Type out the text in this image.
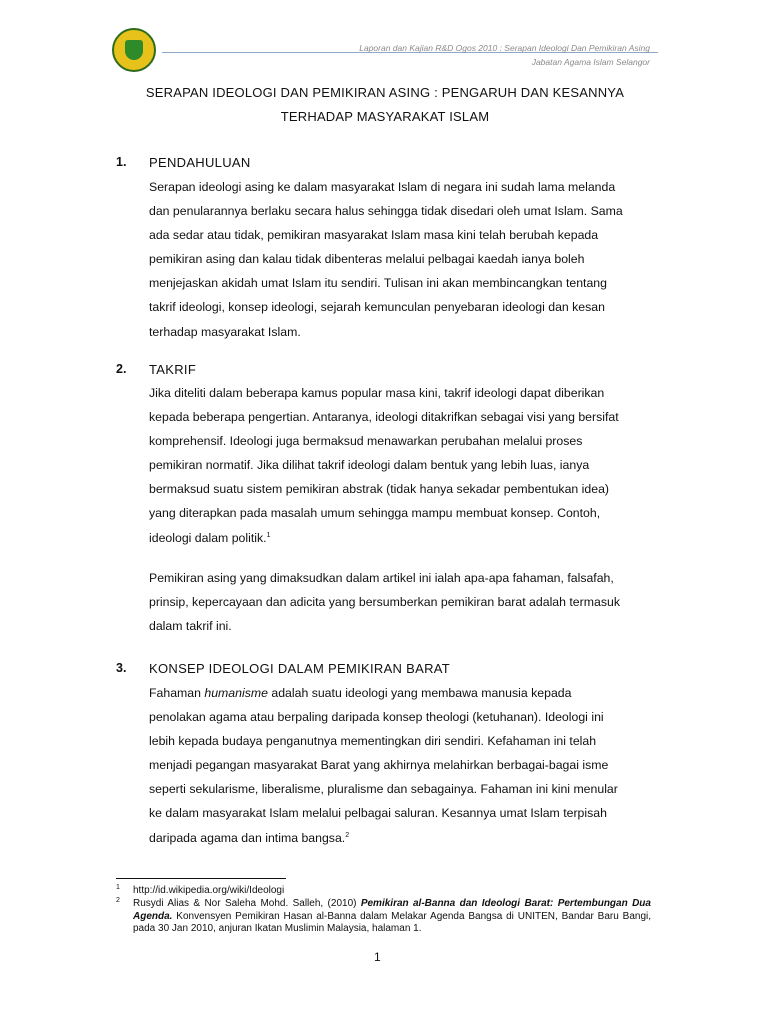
Laporan dan Kajian R&D Ogos 2010 : Serapan Ideologi Dan Pemikiran Asing
Jabatan Agama Islam Selangor
SERAPAN IDEOLOGI DAN PEMIKIRAN ASING : PENGARUH DAN KESANNYA
TERHADAP MASYARAKAT ISLAM
1. PENDAHULUAN
Serapan ideologi asing ke dalam masyarakat Islam di negara ini sudah lama melanda
dan penularannya berlaku secara halus sehingga tidak disedari oleh umat Islam. Sama
ada sedar atau tidak, pemikiran masyarakat Islam masa kini telah berubah kepada
pemikiran asing dan kalau tidak dibenteras melalui pelbagai kaedah ianya boleh
menjejaskan akidah umat Islam itu sendiri. Tulisan ini akan membincangkan tentang
takrif ideologi, konsep ideologi, sejarah kemunculan penyebaran ideologi dan kesan
terhadap masyarakat Islam.
2. TAKRIF
Jika diteliti dalam beberapa kamus popular masa kini, takrif ideologi dapat diberikan
kepada beberapa pengertian. Antaranya, ideologi ditakrifkan sebagai visi yang bersifat
komprehensif. Ideologi juga bermaksud menawarkan perubahan melalui proses
pemikiran normatif. Jika dilihat takrif ideologi dalam bentuk yang lebih luas, ianya
bermaksud suatu sistem pemikiran abstrak (tidak hanya sekadar pembentukan idea)
yang diterapkan pada masalah umum sehingga mampu membuat konsep. Contoh,
ideologi dalam politik.$^1$
Pemikiran asing yang dimaksudkan dalam artikel ini ialah apa-apa fahaman, falsafah,
prinsip, kepercayaan dan adicita yang bersumberkan pemikiran barat adalah termasuk
dalam takrif ini.
3. KONSEP IDEOLOGI DALAM PEMIKIRAN BARAT
Fahaman humanisme adalah suatu ideologi yang membawa manusia kepada
penolakan agama atau berpaling daripada konsep theologi (ketuhanan). Ideologi ini
lebih kepada budaya penganutnya mementingkan diri sendiri. Kefahaman ini telah
menjadi pegangan masyarakat Barat yang akhirnya melahirkan berbagai-bagai isme
seperti sekularisme, liberalisme, pluralisme dan sebagainya. Fahaman ini kini menular
ke dalam masyarakat Islam melalui pelbagai saluran. Kesannya umat Islam terpisah
daripada agama dan intima bangsa.$^2$
1 http://id.wikipedia.org/wiki/Ideologi
2 Rusydi Alias & Nor Saleha Mohd. Salleh, (2010) Pemikiran al-Banna dan Ideologi Barat: Pertembungan Dua Agenda. Konvensyen Pemikiran Hasan al-Banna dalam Melakar Agenda Bangsa di UNITEN, Bandar Baru Bangi, pada 30 Jan 2010, anjuran Ikatan Muslimin Malaysia, halaman 1.
1
